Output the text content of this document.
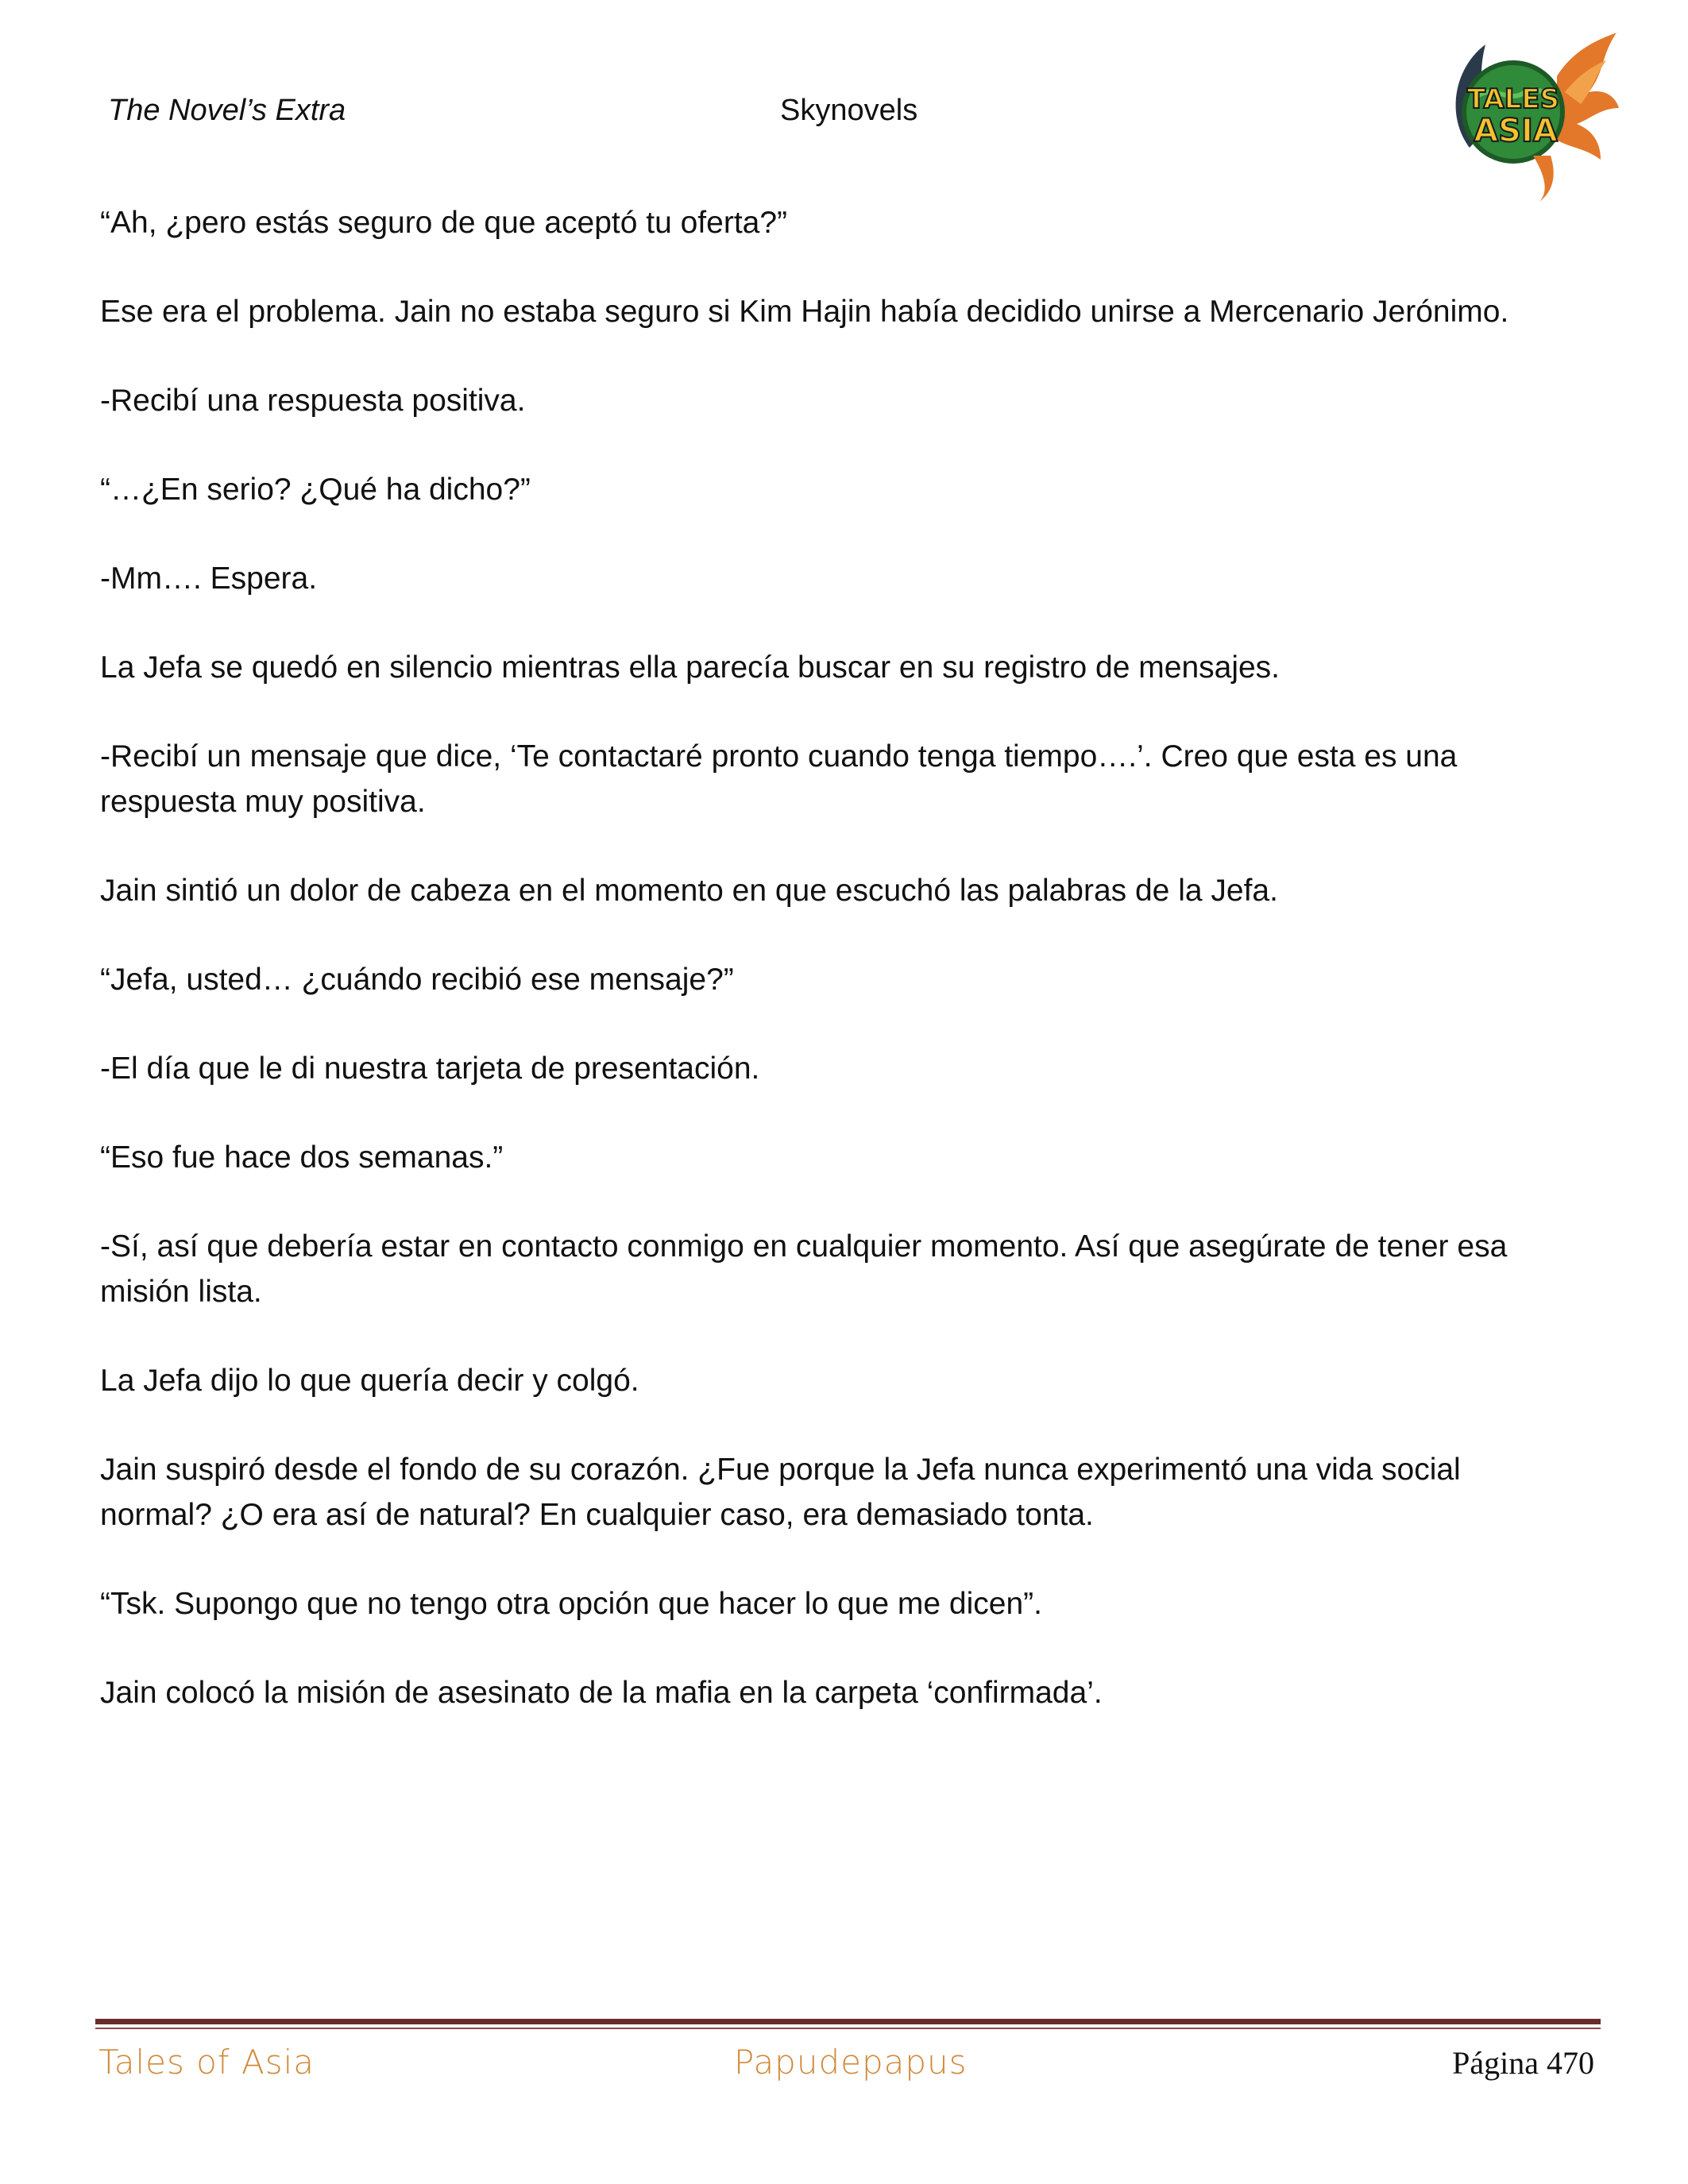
The Novel’s Extra	Skynovels	TALES
ASIA

“Ah, ¿pero estás seguro de que aceptó tu oferta?”

Ese era el problema. Jain no estaba seguro si Kim Hajin había decidido unirse a Mercenario Jerónimo.

-Recibí una respuesta positiva.

“…¿En serio? ¿Qué ha dicho?”

-Mm…. Espera.

La Jefa se quedó en silencio mientras ella parecía buscar en su registro de mensajes.

-Recibí un mensaje que dice, ‘Te contactaré pronto cuando tenga tiempo….’. Creo que esta es una respuesta muy positiva.

Jain sintió un dolor de cabeza en el momento en que escuchó las palabras de la Jefa.

“Jefa, usted… ¿cuándo recibió ese mensaje?”

-El día que le di nuestra tarjeta de presentación.

“Eso fue hace dos semanas.”

-Sí, así que debería estar en contacto conmigo en cualquier momento. Así que asegúrate de tener esa misión lista.

La Jefa dijo lo que quería decir y colgó.

Jain suspiró desde el fondo de su corazón. ¿Fue porque la Jefa nunca experimentó una vida social normal? ¿O era así de natural? En cualquier caso, era demasiado tonta.

“Tsk. Supongo que no tengo otra opción que hacer lo que me dicen”.

Jain colocó la misión de asesinato de la mafia en la carpeta ‘confirmada’.

Tales of Asia	Papudepapus	Página 470
